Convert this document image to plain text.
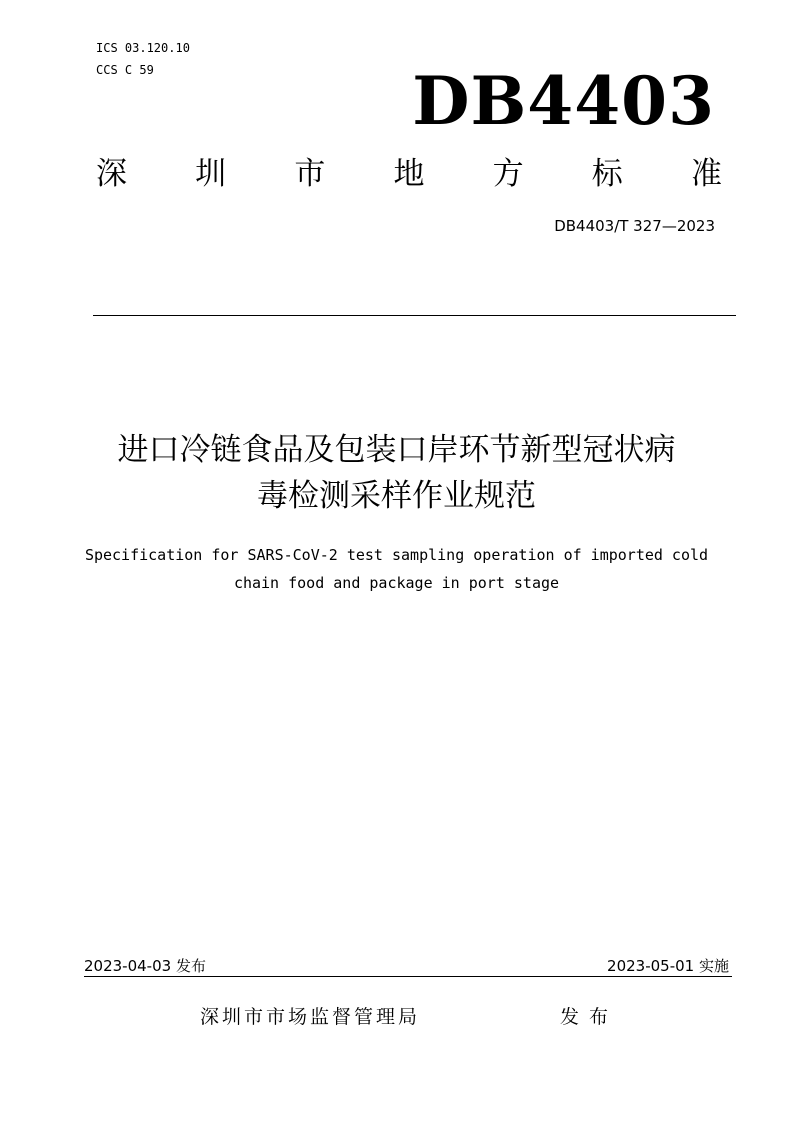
ICS 03.120.10
CCS C 59	DB4403
深 圳 市 地 方 标 准
DB4403/T 327—2023
进口冷链食品及包装口岸环节新型冠状病
毒检测采样作业规范
Specification for SARS-CoV-2 test sampling operation of imported cold
chain food and package in port stage
2023-04-03 发布	2023-05-01 实施
深圳市市场监督管理局	发布
